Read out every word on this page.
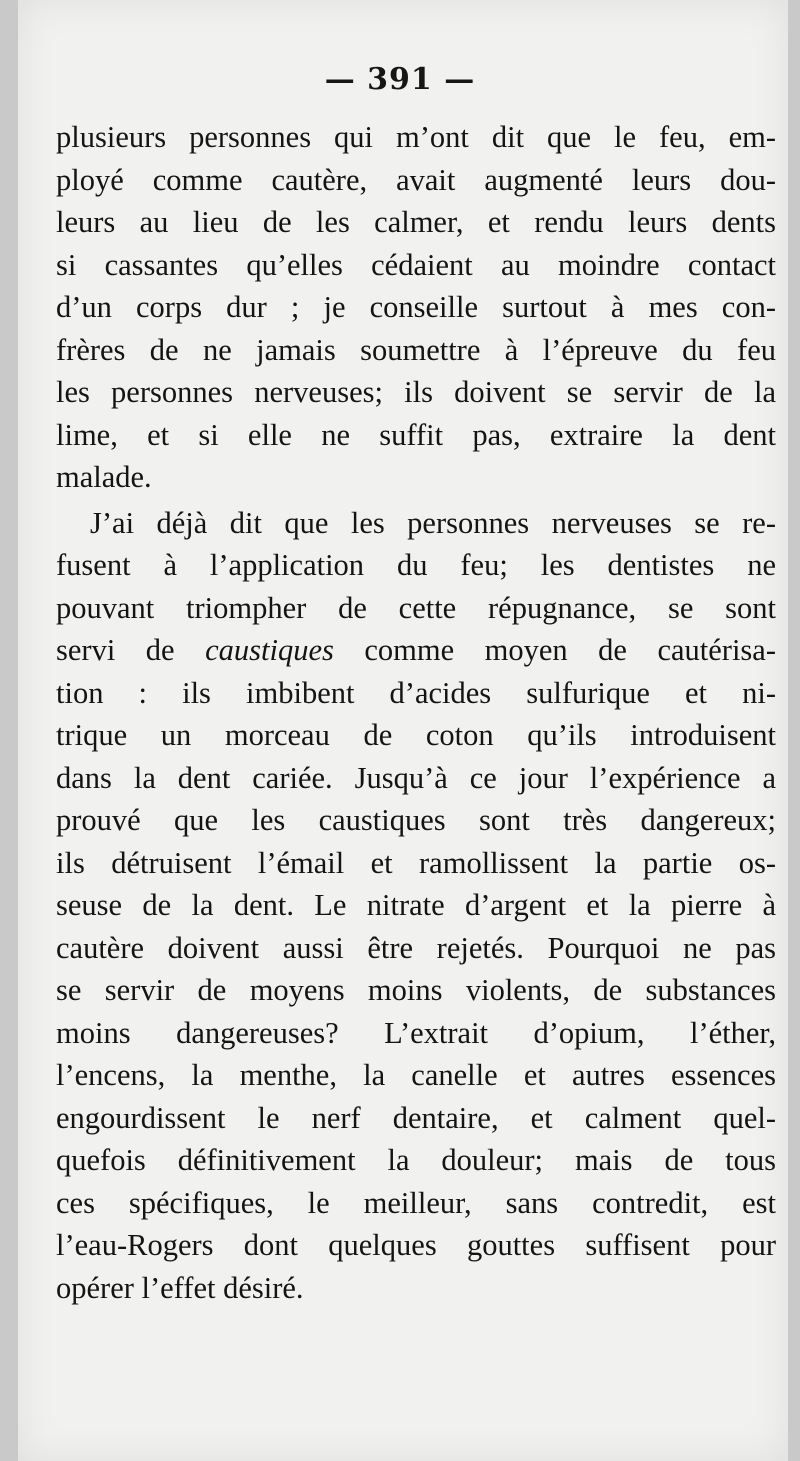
— 391 —
plusieurs personnes qui m’ont dit que le feu, em-
ployé comme cautère, avait augmenté leurs dou-
leurs au lieu de les calmer, et rendu leurs dents
si cassantes qu’elles cédaient au moindre contact
d’un corps dur ; je conseille surtout à mes con-
frères de ne jamais soumettre à l’épreuve du feu
les personnes nerveuses; ils doivent se servir de la
lime, et si elle ne suffit pas, extraire la dent
malade.
J’ai déjà dit que les personnes nerveuses se re-
fusent à l’application du feu; les dentistes ne
pouvant triompher de cette répugnance, se sont
servi de caustiques comme moyen de cautérisa-
tion : ils imbibent d’acides sulfurique et ni-
trique un morceau de coton qu’ils introduisent
dans la dent cariée. Jusqu’à ce jour l’expérience a
prouvé que les caustiques sont très dangereux;
ils détruisent l’émail et ramollissent la partie os-
seuse de la dent. Le nitrate d’argent et la pierre à
cautère doivent aussi être rejetés. Pourquoi ne pas
se servir de moyens moins violents, de substances
moins dangereuses? L’extrait d’opium, l’éther,
l’encens, la menthe, la canelle et autres essences
engourdissent le nerf dentaire, et calment quel-
quefois définitivement la douleur; mais de tous
ces spécifiques, le meilleur, sans contredit, est
l’eau-Rogers dont quelques gouttes suffisent pour
opérer l’effet désiré.
